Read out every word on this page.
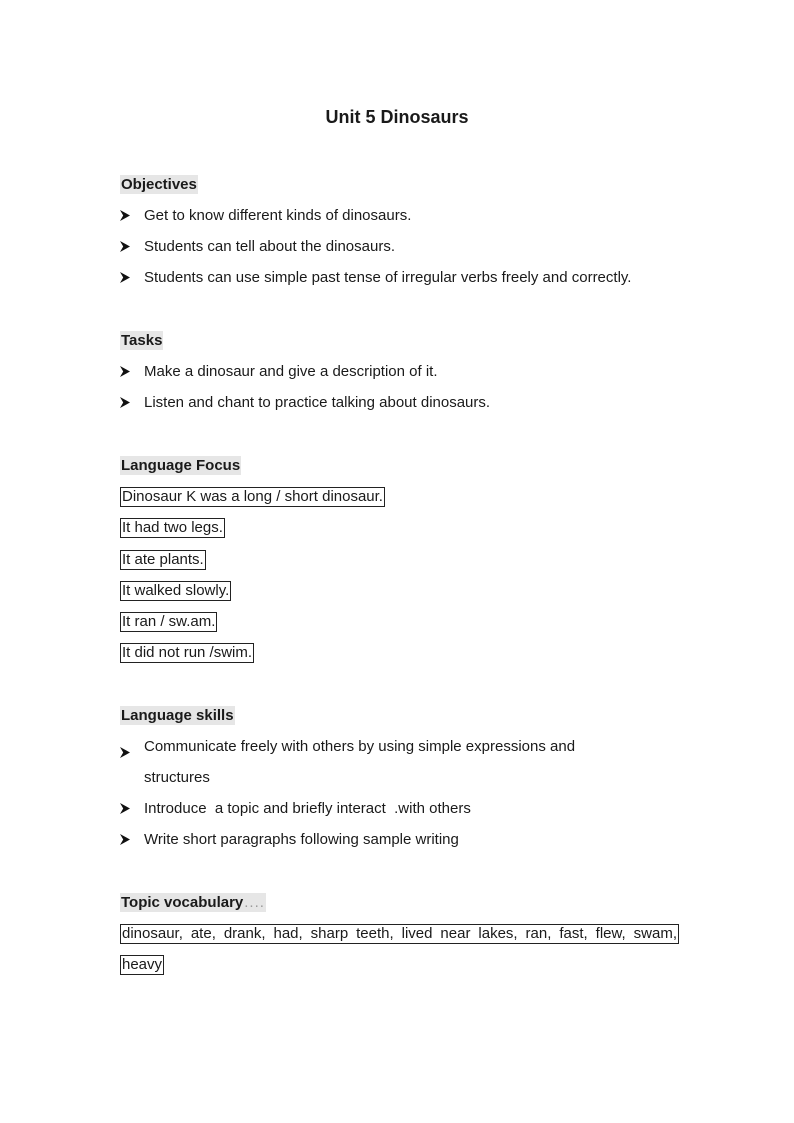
Unit 5 Dinosaurs
Objectives
Get to know different kinds of dinosaurs.
Students can tell about the dinosaurs.
Students can use simple past tense of irregular verbs freely and correctly.
Tasks
Make a dinosaur and give a description of it.
Listen and chant to practice talking about dinosaurs.
Language Focus
Dinosaur K was a long / short dinosaur.
It had two legs.
It ate plants.
It walked slowly.
It ran / sw.am.
It did not run /swim.
Language skills
Communicate freely with others by using simple expressions and structures
Introduce  a topic and briefly interact  .with others
Write short paragraphs following sample writing
Topic vocabulary....
dinosaur, ate, drank, had, sharp teeth, lived near lakes, ran, fast, flew, swam,
heavy
